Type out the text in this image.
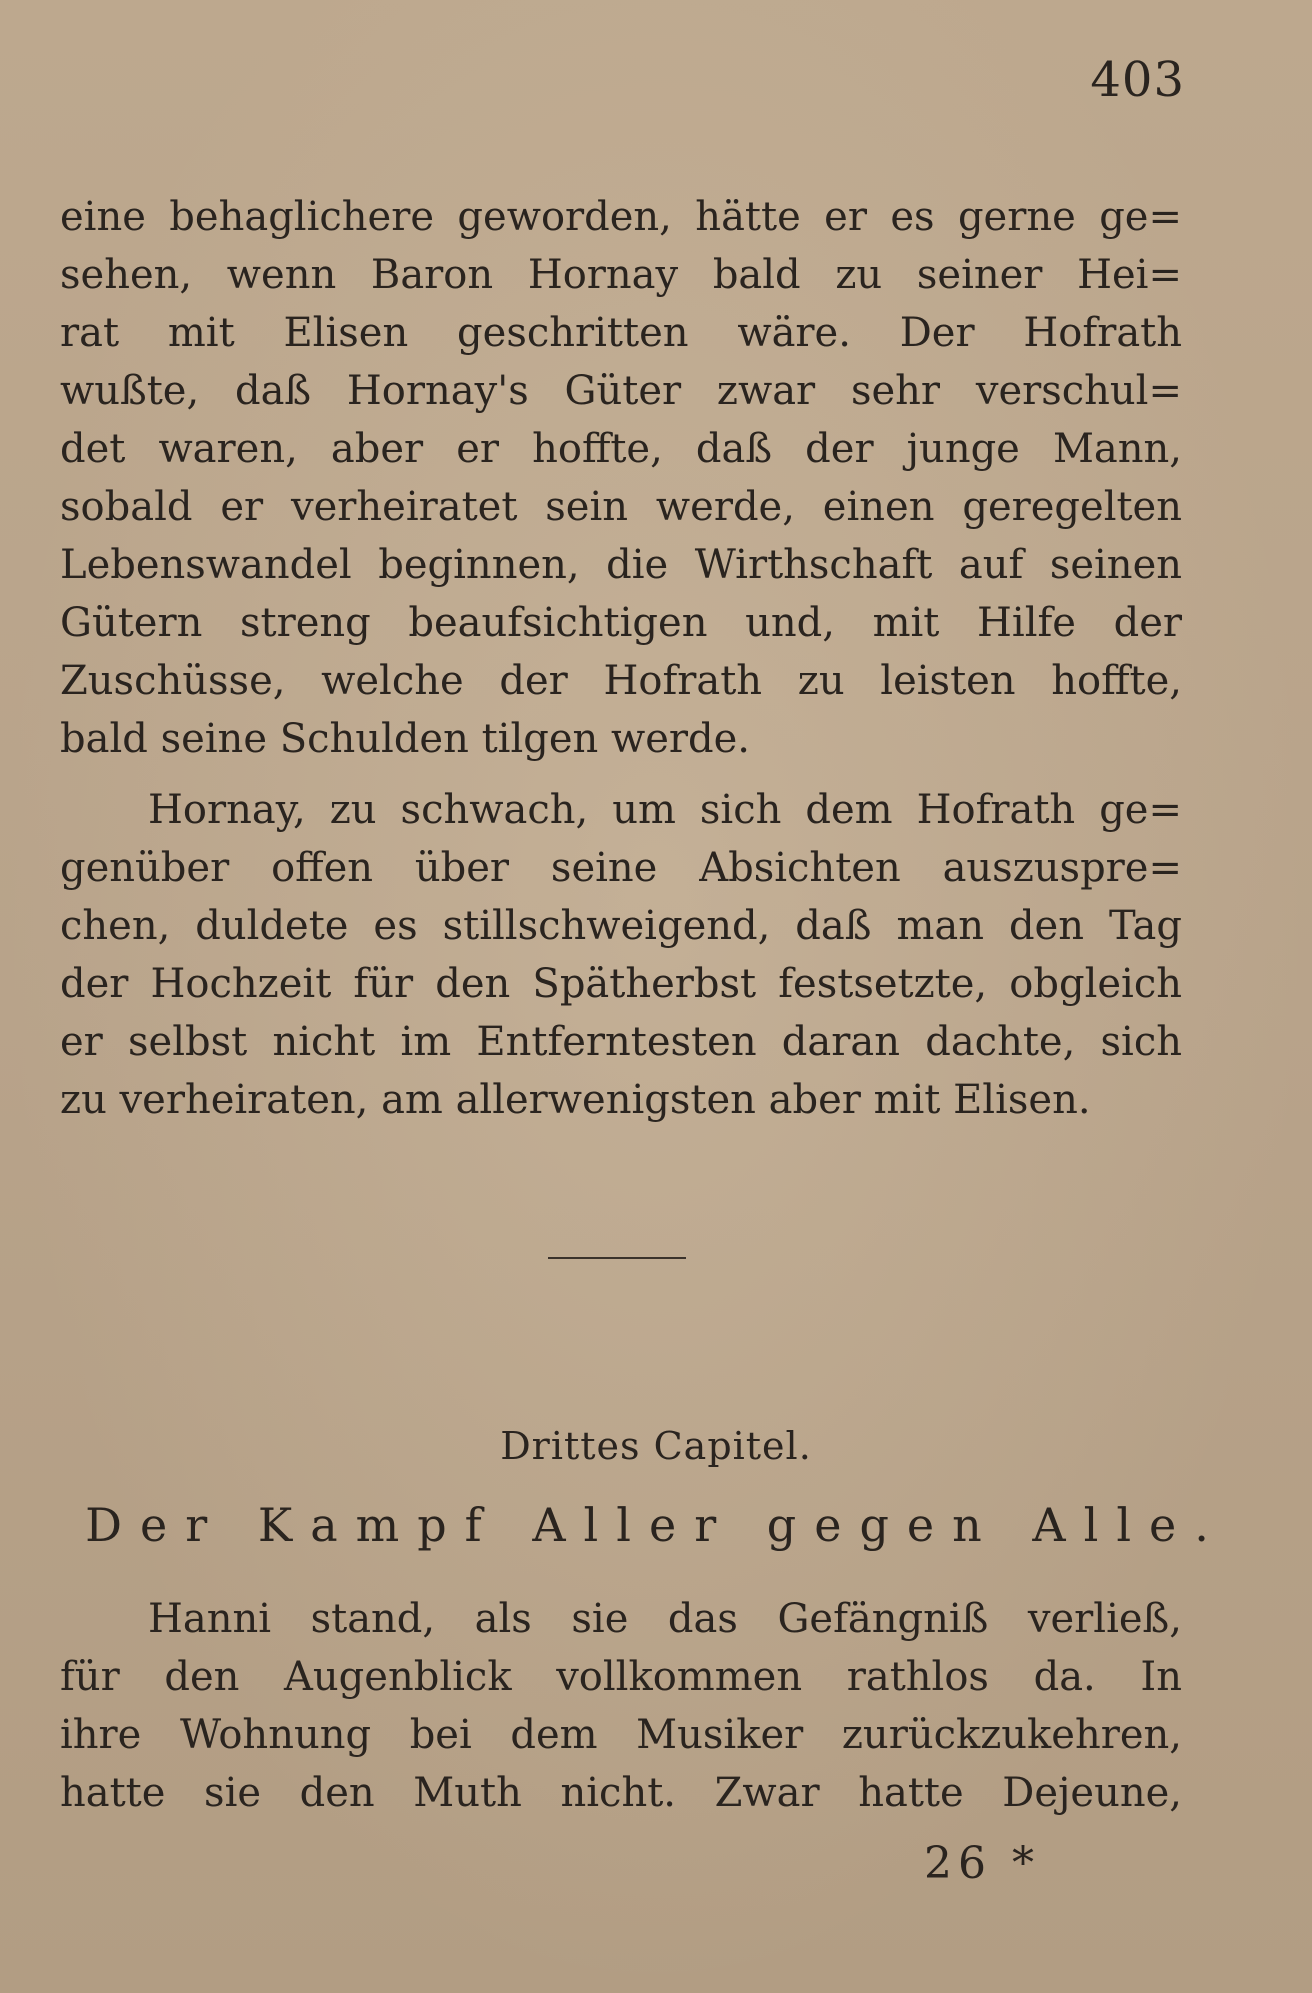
403

eine behaglichere geworden, hätte er es gerne ge=
sehen, wenn Baron Hornay bald zu seiner Hei=
rat mit Elisen geschritten wäre. Der Hofrath
wußte, daß Hornay's Güter zwar sehr verschul=
det waren, aber er hoffte, daß der junge Mann,
sobald er verheiratet sein werde, einen geregelten
Lebenswandel beginnen, die Wirthschaft auf seinen
Gütern streng beaufsichtigen und, mit Hilfe der
Zuschüsse, welche der Hofrath zu leisten hoffte,
bald seine Schulden tilgen werde.

Hornay, zu schwach, um sich dem Hofrath ge=
genüber offen über seine Absichten auszuspre=
chen, duldete es stillschweigend, daß man den Tag
der Hochzeit für den Spätherbst festsetzte, obgleich
er selbst nicht im Entferntesten daran dachte, sich
zu verheiraten, am allerwenigsten aber mit Elisen.

Drittes Capitel.
Der Kampf Aller gegen Alle.

Hanni stand, als sie das Gefängniß verließ,
für den Augenblick vollkommen rathlos da. In
ihre Wohnung bei dem Musiker zurückzukehren,
hatte sie den Muth nicht. Zwar hatte Dejeune,

26 *
